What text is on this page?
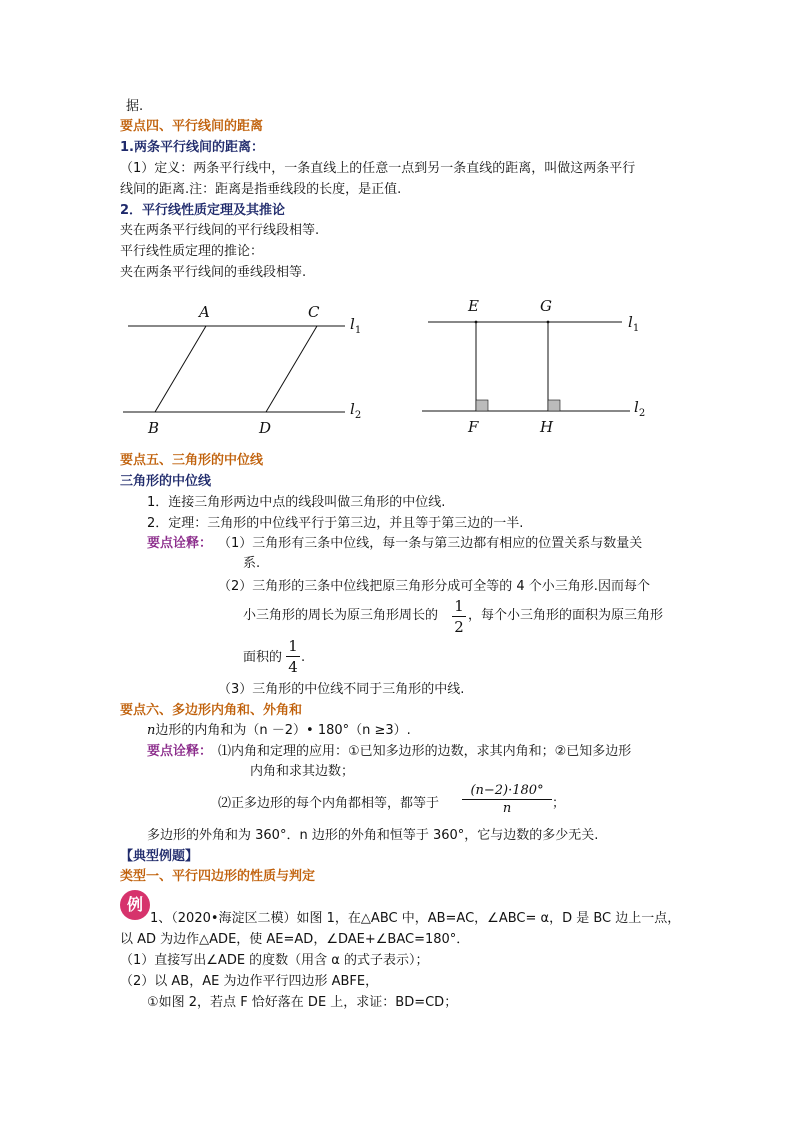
据.
要点四、平行线间的距离
1.两条平行线间的距离：
（1）定义：两条平行线中，一条直线上的任意一点到另一条直线的距离，叫做这两条平行
线间的距离.注：距离是指垂线段的长度，是正值.
2．平行线性质定理及其推论
夹在两条平行线间的平行线段相等.
平行线性质定理的推论：
夹在两条平行线间的垂线段相等.
A	C
B	D
$l_1$
$l_2$
E	G
F	H
$l_1$
$l_2$
要点五、三角形的中位线
三角形的中位线
1．连接三角形两边中点的线段叫做三角形的中位线.
2．定理：三角形的中位线平行于第三边，并且等于第三边的一半.
要点诠释： （1）三角形有三条中位线，每一条与第三边都有相应的位置关系与数量关
系.
（2）三角形的三条中位线把原三角形分成可全等的 4 个小三角形.因而每个
小三角形的周长为原三角形周长的
1
2
，每个小三角形的面积为原三角形
面积的
1
4
.
（3）三角形的中位线不同于三角形的中线.
要点六、多边形内角和、外角和
n边形的内角和为（n －2）• 180°（n ≥3）.
要点诠释： ⑴内角和定理的应用：①已知多边形的边数，求其内角和；②已知多边形
内角和求其边数；
⑵正多边形的每个内角都相等，都等于
(n−2)·180°
n	；
多边形的外角和为 360°．n 边形的外角和恒等于 360°，它与边数的多少无关.
【典型例题】
类型一、平行四边形的性质与判定
例
1、（2020•海淀区二模）如图 1，在△ABC 中，AB=AC，∠ABC= α，D 是 BC 边上一点，
以 AD 为边作△ADE，使 AE=AD，∠DAE+∠BAC=180°．
（1）直接写出∠ADE 的度数（用含 α 的式子表示）；
（2）以 AB，AE 为边作平行四边形 ABFE，
①如图 2，若点 F 恰好落在 DE 上，求证：BD=CD；
